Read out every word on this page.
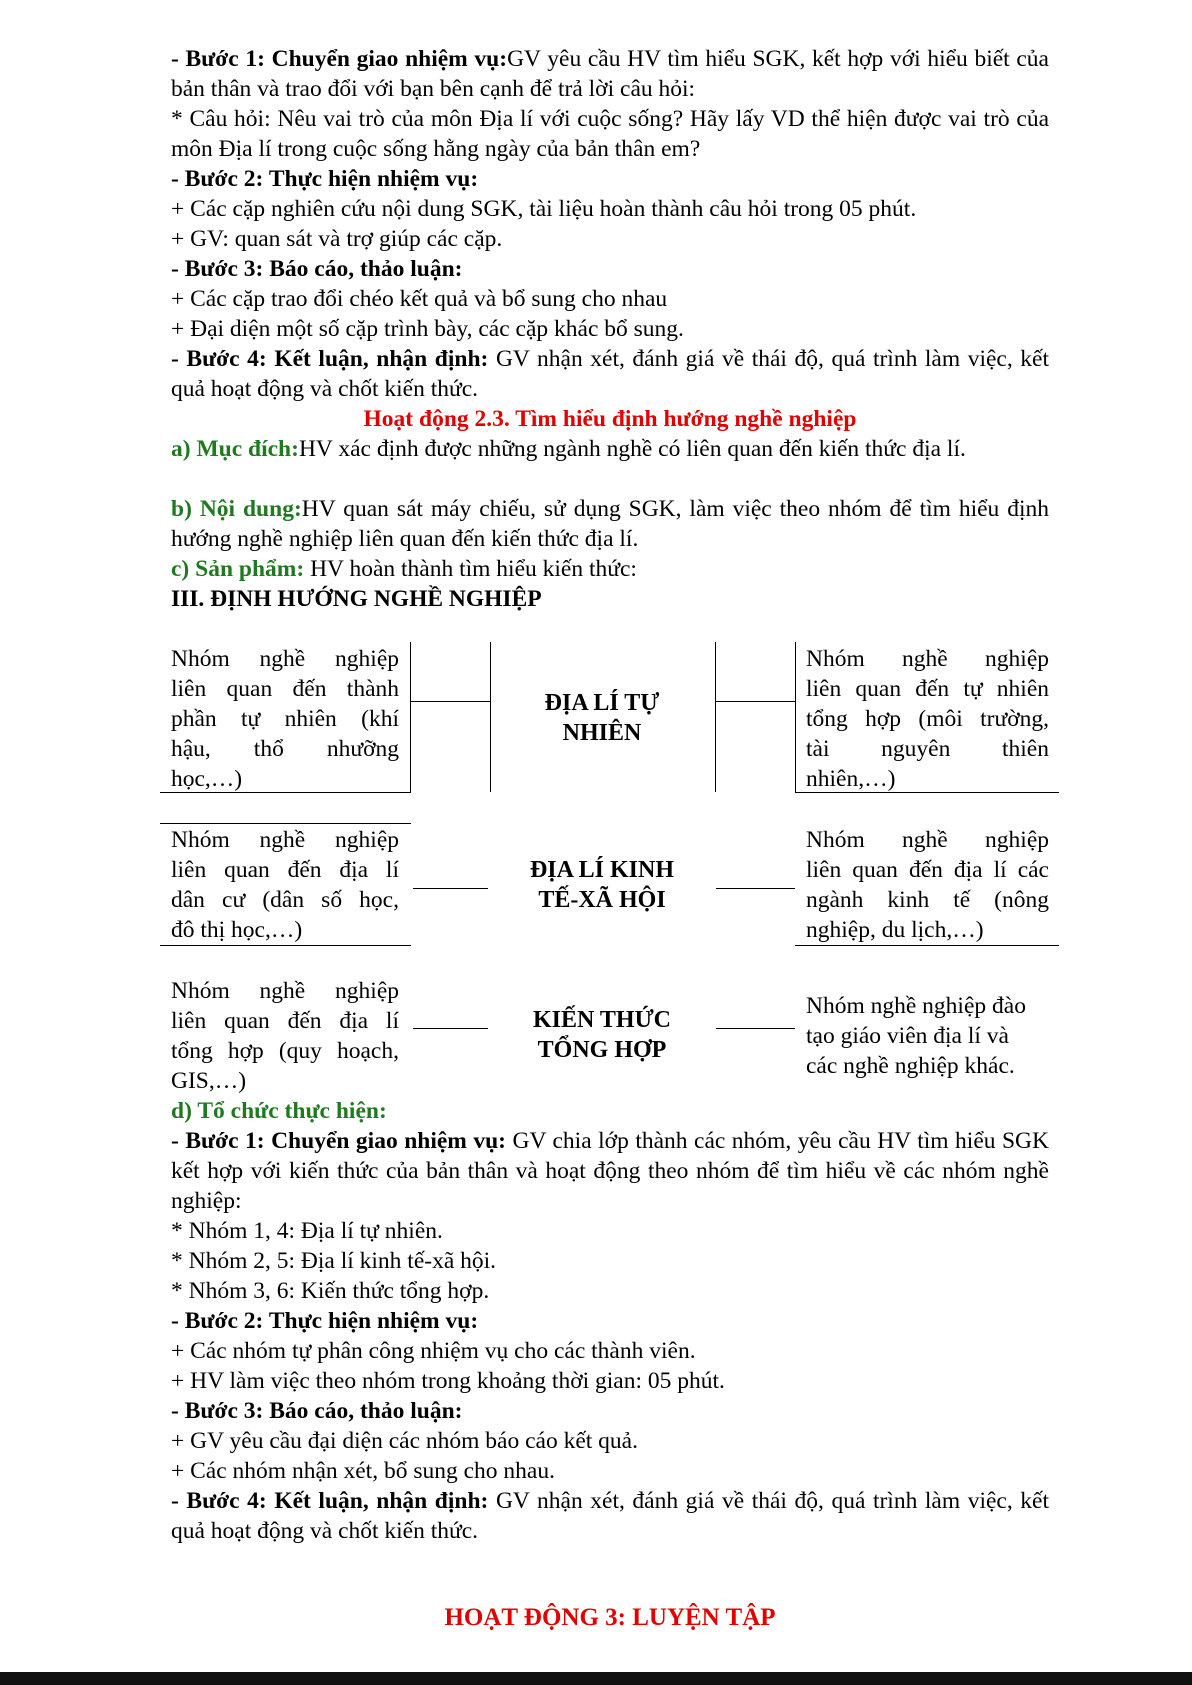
- Bước 1: Chuyển giao nhiệm vụ:GV yêu cầu HV tìm hiểu SGK, kết hợp với hiểu biết của bản thân và trao đổi với bạn bên cạnh để trả lời câu hỏi:
* Câu hỏi: Nêu vai trò của môn Địa lí với cuộc sống? Hãy lấy VD thể hiện được vai trò của môn Địa lí trong cuộc sống hằng ngày của bản thân em?
- Bước 2: Thực hiện nhiệm vụ:
+ Các cặp nghiên cứu nội dung SGK, tài liệu hoàn thành câu hỏi trong 05 phút.
+ GV: quan sát và trợ giúp các cặp.
- Bước 3: Báo cáo, thảo luận:
+ Các cặp trao đổi chéo kết quả và bổ sung cho nhau
+ Đại diện một số cặp trình bày, các cặp khác bổ sung.
- Bước 4: Kết luận, nhận định: GV nhận xét, đánh giá về thái độ, quá trình làm việc, kết quả hoạt động và chốt kiến thức.
Hoạt động 2.3. Tìm hiểu định hướng nghề nghiệp
a) Mục đích:HV xác định được những ngành nghề có liên quan đến kiến thức địa lí.
b) Nội dung:HV quan sát máy chiếu, sử dụng SGK, làm việc theo nhóm để tìm hiểu định hướng nghề nghiệp liên quan đến kiến thức địa lí.
c) Sản phẩm: HV hoàn thành tìm hiểu kiến thức:
III. ĐỊNH HƯỚNG NGHỀ NGHIỆP
Nhóm nghề nghiệp
liên quan đến thành
phần tự nhiên (khí
hậu, thổ nhưỡng
học,…)
ĐỊA LÍ TỰ
NHIÊN
Nhóm nghề nghiệp
liên quan đến tự nhiên
tổng hợp (môi trường,
tài nguyên thiên
nhiên,…)
Nhóm nghề nghiệp
liên quan đến địa lí
dân cư (dân số học,
đô thị học,…)
ĐỊA LÍ KINH
TẾ-XÃ HỘI
Nhóm nghề nghiệp
liên quan đến địa lí các
ngành kinh tế (nông
nghiệp, du lịch,…)
Nhóm nghề nghiệp
liên quan đến địa lí
tổng hợp (quy hoạch,
GIS,…)
KIẾN THỨC
TỔNG HỢP
Nhóm nghề nghiệp đào
tạo giáo viên địa lí và
các nghề nghiệp khác.
d) Tổ chức thực hiện:
- Bước 1: Chuyển giao nhiệm vụ: GV chia lớp thành các nhóm, yêu cầu HV tìm hiểu SGK kết hợp với kiến thức của bản thân và hoạt động theo nhóm để tìm hiểu về các nhóm nghề nghiệp:
* Nhóm 1, 4: Địa lí tự nhiên.
* Nhóm 2, 5: Địa lí kinh tế-xã hội.
* Nhóm 3, 6: Kiến thức tổng hợp.
- Bước 2: Thực hiện nhiệm vụ:
+ Các nhóm tự phân công nhiệm vụ cho các thành viên.
+ HV làm việc theo nhóm trong khoảng thời gian: 05 phút.
- Bước 3: Báo cáo, thảo luận:
+ GV yêu cầu đại diện các nhóm báo cáo kết quả.
+ Các nhóm nhận xét, bổ sung cho nhau.
- Bước 4: Kết luận, nhận định: GV nhận xét, đánh giá về thái độ, quá trình làm việc, kết quả hoạt động và chốt kiến thức.
HOẠT ĐỘNG 3: LUYỆN TẬP
